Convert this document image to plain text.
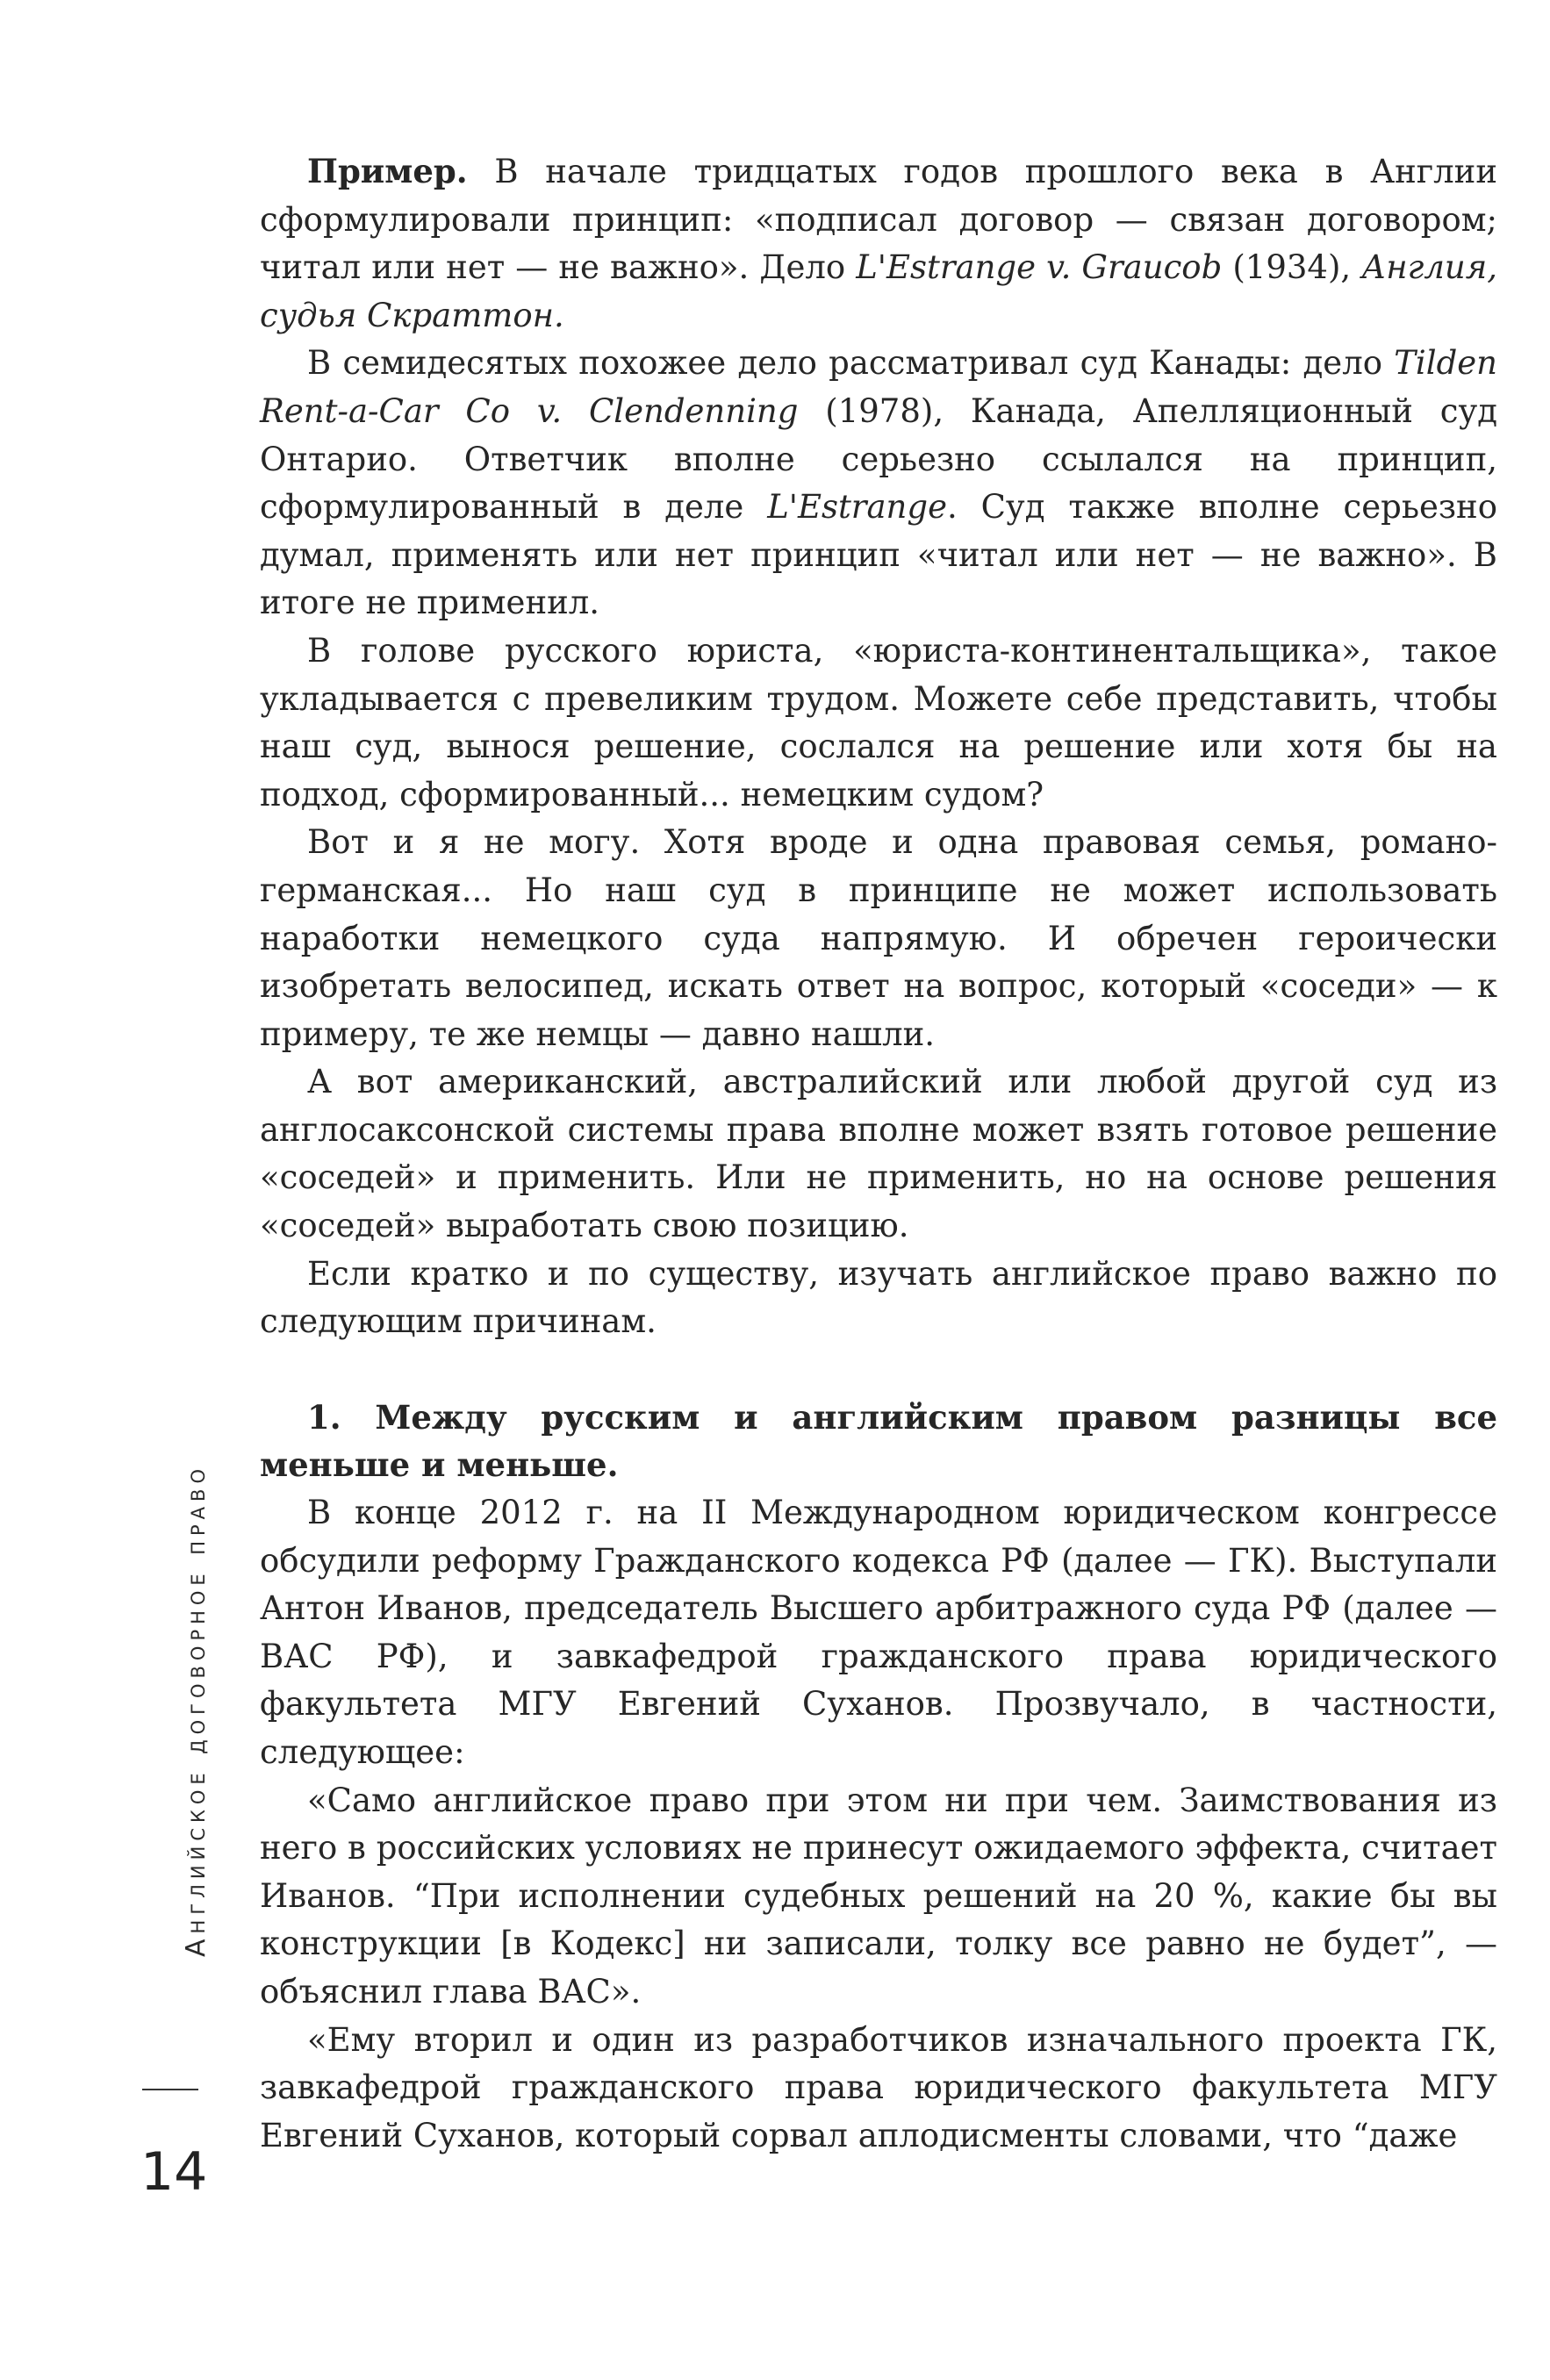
Английское договорное право
14

Пример. В начале тридцатых годов прошлого века в Англии сформулировали принцип: «подписал договор — связан договором; читал или нет — не важно». Дело L'Estrange v. Graucob (1934), Англия, судья Скраттон.

В семидесятых похожее дело рассматривал суд Канады: дело Tilden Rent-a-Car Co v. Clendenning (1978), Канада, Апелляционный суд Онтарио. Ответчик вполне серьезно ссылался на принцип, сформулированный в деле L'Estrange. Суд также вполне серьезно думал, применять или нет принцип «читал или нет — не важно». В итоге не применил.

В голове русского юриста, «юриста-континентальщика», такое укладывается с превеликим трудом. Можете себе представить, чтобы наш суд, вынося решение, сослался на решение или хотя бы на подход, сформированный... немецким судом?

Вот и я не могу. Хотя вроде и одна правовая семья, романо-германская... Но наш суд в принципе не может использовать наработки немецкого суда напрямую. И обречен героически изобретать велосипед, искать ответ на вопрос, который «соседи» — к примеру, те же немцы — давно нашли.

А вот американский, австралийский или любой другой суд из англосаксонской системы права вполне может взять готовое решение «соседей» и применить. Или не применить, но на основе решения «соседей» выработать свою позицию.

Если кратко и по существу, изучать английское право важно по следующим причинам.

1. Между русским и английским правом разницы все меньше и меньше.

В конце 2012 г. на II Международном юридическом конгрессе обсудили реформу Гражданского кодекса РФ (далее — ГК). Выступали Антон Иванов, председатель Высшего арбитражного суда РФ (далее — ВАС РФ), и завкафедрой гражданского права юридического факультета МГУ Евгений Суханов. Прозвучало, в частности, следующее:

«Само английское право при этом ни при чем. Заимствования из него в российских условиях не принесут ожидаемого эффекта, считает Иванов. “При исполнении судебных решений на 20 %, какие бы вы конструкции [в Кодекс] ни записали, толку все равно не будет”, — объяснил глава ВАС».

«Ему вторил и один из разработчиков изначального проекта ГК, завкафедрой гражданского права юридического факультета МГУ Евгений Суханов, который сорвал аплодисменты словами, что “даже
